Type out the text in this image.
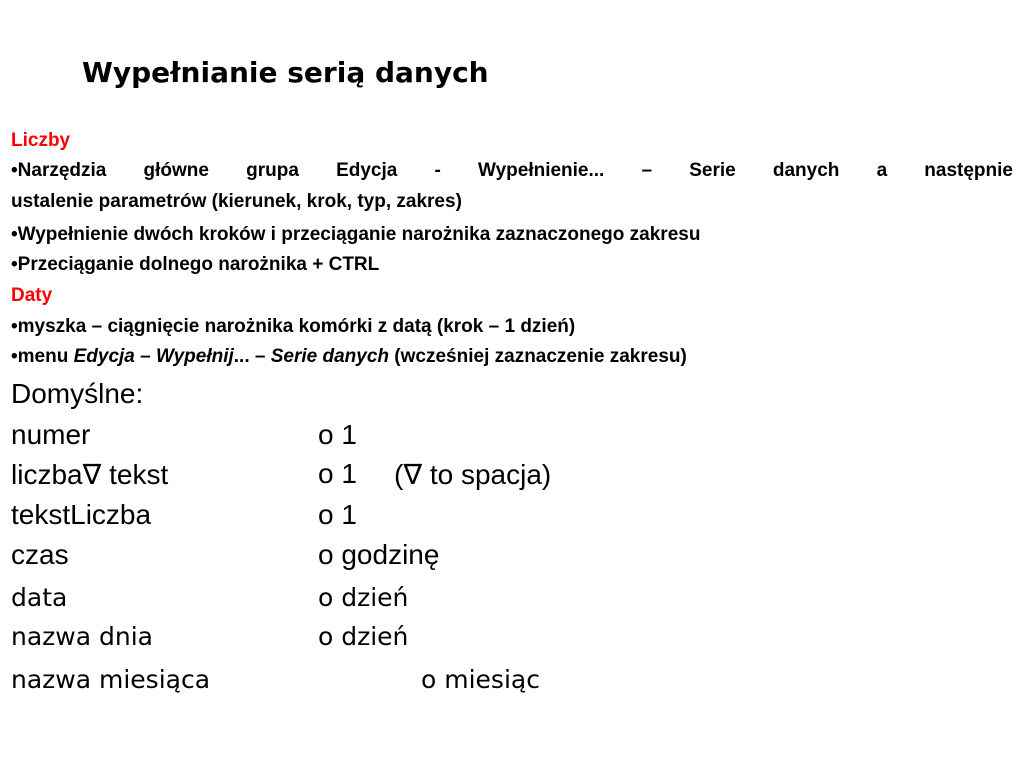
Wypełnianie serią danych
Liczby
•Narzędzia główne grupa Edycja - Wypełnienie... – Serie danych a następnie
ustalenie parametrów (kierunek, krok, typ, zakres)
•Wypełnienie dwóch kroków i przeciąganie narożnika zaznaczonego zakresu
•Przeciąganie dolnego narożnika + CTRL
Daty
•myszka – ciągnięcie narożnika komórki z datą (krok – 1 dzień)
•menu Edycja – Wypełnij... – Serie danych (wcześniej zaznaczenie zakresu)
Domyślne:
numer	o 1
liczba∇ tekst	o 1 (∇ to spacja)
tekstLiczba	o 1
czas	o godzinę
data	o dzień
nazwa dnia	o dzień
nazwa miesiąca	o miesiąc
